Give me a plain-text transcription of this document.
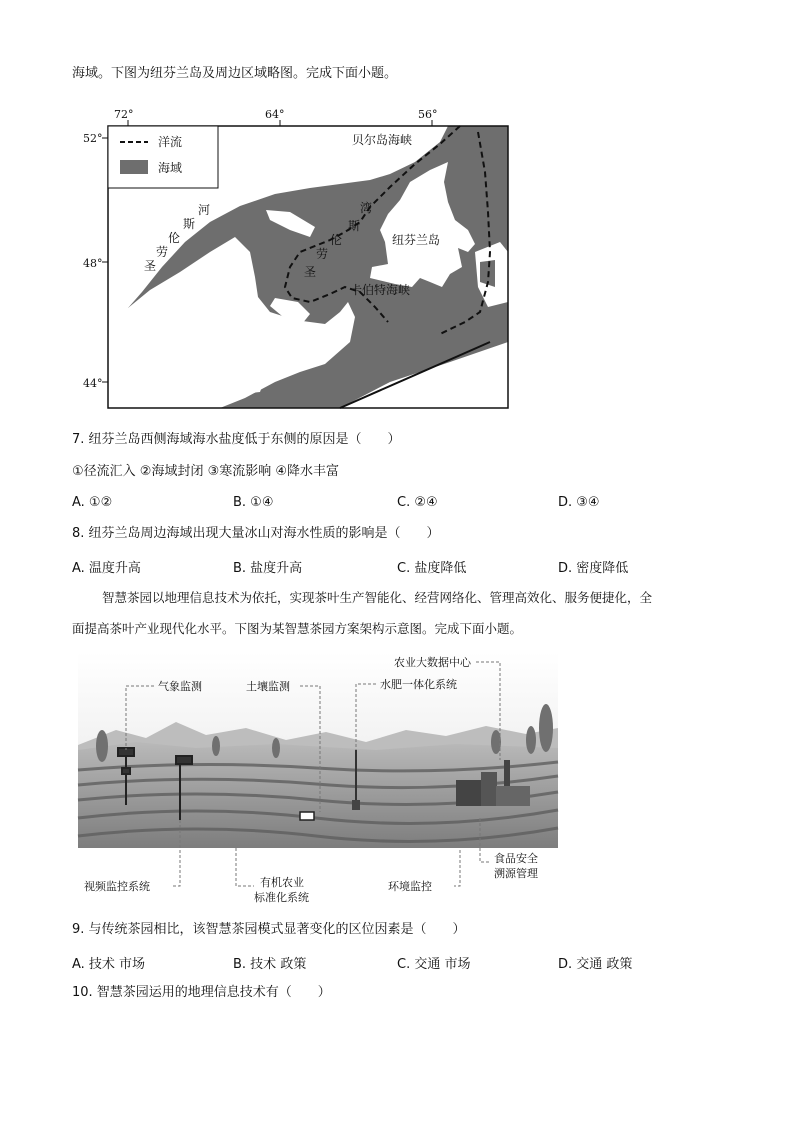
海域。下图为纽芬兰岛及周边区域略图。完成下面小题。
72°	64°	56°
52°
48°
44°
洋流
海域
贝尔岛海峡
纽芬兰岛
卡伯特海峡
湾
斯
伦
劳
圣
河
斯
伦
劳
圣
7. 纽芬兰岛西侧海域海水盐度低于东侧的原因是（　　）
①径流汇入 ②海域封闭 ③寒流影响 ④降水丰富
A. ①②	B. ①④	C. ②④	D. ③④
8. 纽芬兰岛周边海域出现大量冰山对海水性质的影响是（　　）
A. 温度升高	B. 盐度升高	C. 盐度降低	D. 密度降低
智慧茶园以地理信息技术为依托，实现茶叶生产智能化、经营网络化、管理高效化、服务便捷化，全
面提高茶叶产业现代化水平。下图为某智慧茶园方案架构示意图。完成下面小题。
气象监测	土壤监测
农业大数据中心
水肥一体化系统
视频监控系统	有机农业
标准化系统
环境监控
食品安全
溯源管理
9. 与传统茶园相比，该智慧茶园模式显著变化的区位因素是（　　）
A. 技术 市场	B. 技术 政策	C. 交通 市场	D. 交通 政策
10. 智慧茶园运用的地理信息技术有（　　）
